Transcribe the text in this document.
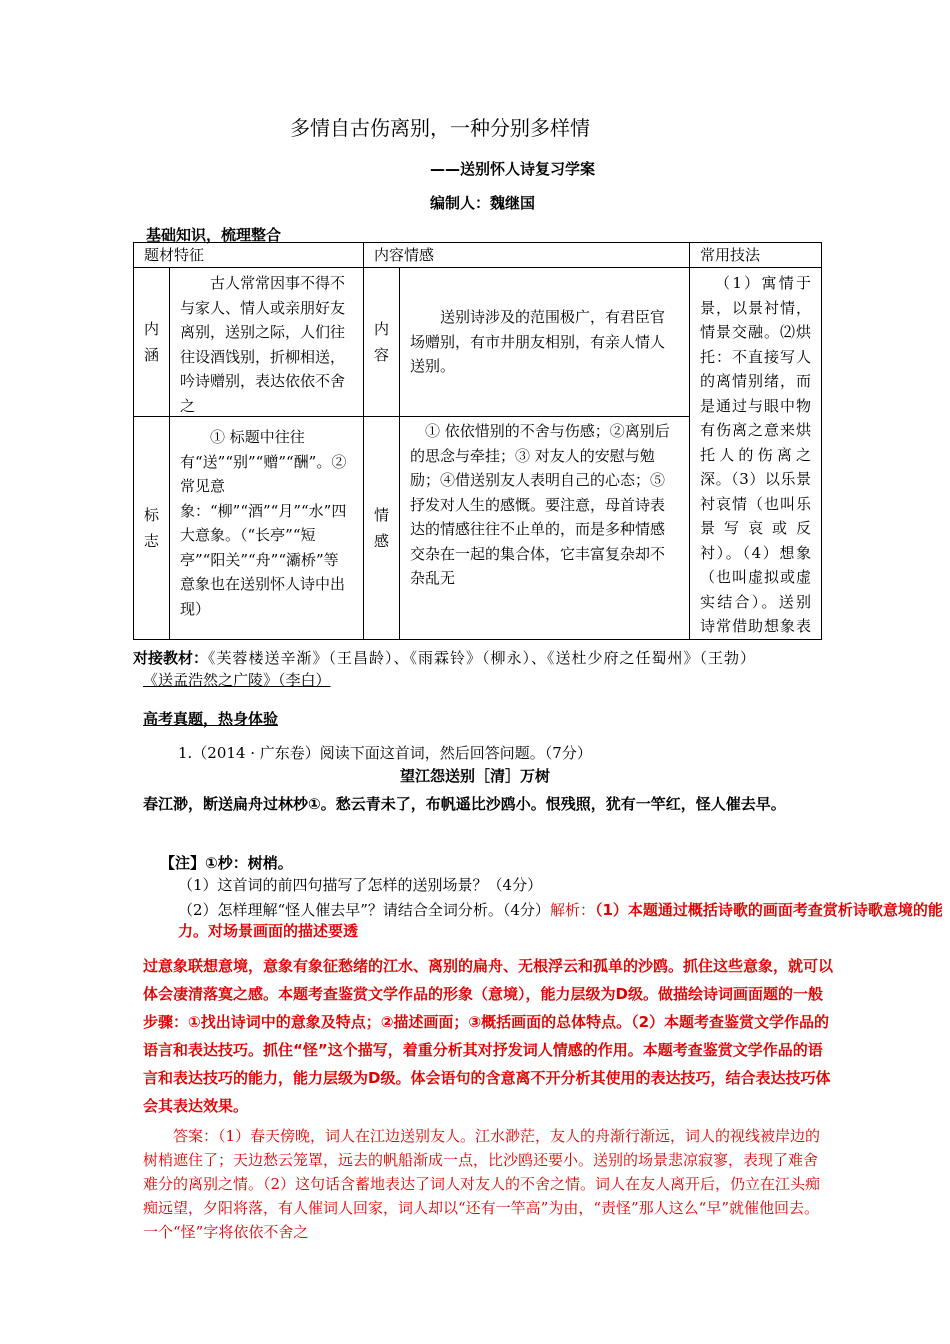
多情自古伤离别，一种分别多样情
——送别怀人诗复习学案
编制人：魏继国
基础知识，梳理整合
题材特征		内容情感		常用技法

内涵	古人常常因事不得不与家人、情人或亲朋好友离别，送别之际，人们往往设酒饯别，折柳相送，吟诗赠别，表达依依不舍之	内容	送别诗涉及的范围极广，有君臣官场赠别，有市井朋友相别，有亲人情人送别。	（1）寓情于景，以景衬情，情景交融。⑵烘托：不直接写人的离情别绪，而是通过与眼中物有伤离之意来烘托人的伤离之深。（3）以乐景衬哀情（也叫乐景写哀或反衬）。（4）想象（也叫虚拟或虚实结合）。送别诗常借助想象表

标志	① 标题中往往有“送”“别”“赠”“酬”。②常见意象：“柳”“酒”“月”“水”四大意象。（“长亭”“短亭”“阳关”“舟”“灞桥”等意象也在送别怀人诗中出现）	情感	① 依依惜别的不舍与伤感；②离别后的思念与牵挂；③ 对友人的安慰与勉励；④借送别友人表明自己的心态；⑤抒发对人生的感慨。要注意，母首诗表达的情感往往不止单的，而是多种情感交杂在一起的集合体，它丰富复杂却不杂乱无	
对接教材：《芙蓉楼送辛渐》（王昌龄）、《雨霖铃》（柳永）、《送杜少府之任蜀州》（王勃）
《送孟浩然之广陵》（李白）
高考真题，热身体验
1.（2014 · 广东卷）阅读下面这首词，然后回答问题。（7分）
望江怨送别［清］万树
春江渺，断送扁舟过林杪①。愁云青未了，布帆遥比沙鸥小。恨残照，犹有一竿红，怪人催去早。
【注】①杪：树梢。
（1）这首词的前四句描写了怎样的送别场景？（4分）
（2）怎样理解“怪人催去早”？请结合全词分析。（4分）解析：（1）本题通过概括诗歌的画面考查赏析诗歌意境的能力。对场景画面的描述要透
过意象联想意境，意象有象征愁绪的江水、离别的扁舟、无根浮云和孤单的沙鸥。抓住这些意象，就可以体会凄清落寞之感。本题考查鉴赏文学作品的形象（意境），能力层级为D级。做描绘诗词画面题的一般步骤：①找出诗词中的意象及特点；②描述画面；③概括画面的总体特点。（2）本题考查鉴赏文学作品的语言和表达技巧。抓住“怪”这个描写，着重分析其对抒发词人情感的作用。本题考查鉴赏文学作品的语言和表达技巧的能力，能力层级为D级。体会语句的含意离不开分析其使用的表达技巧，结合表达技巧体会其表达效果。
答案：（1）春天傍晚，词人在江边送别友人。江水渺茫，友人的舟渐行渐远，词人的视线被岸边的树梢遮住了；天边愁云笼罩，远去的帆船渐成一点，比沙鸥还要小。送别的场景悲凉寂寥，表现了难舍难分的离别之情。（2）这句话含蓄地表达了词人对友人的不舍之情。词人在友人离开后，仍立在江头痴痴远望，夕阳将落，有人催词人回家，词人却以“还有一竿高”为由，“责怪”那人这么“早”就催他回去。一个“怪”字将依依不舍之
